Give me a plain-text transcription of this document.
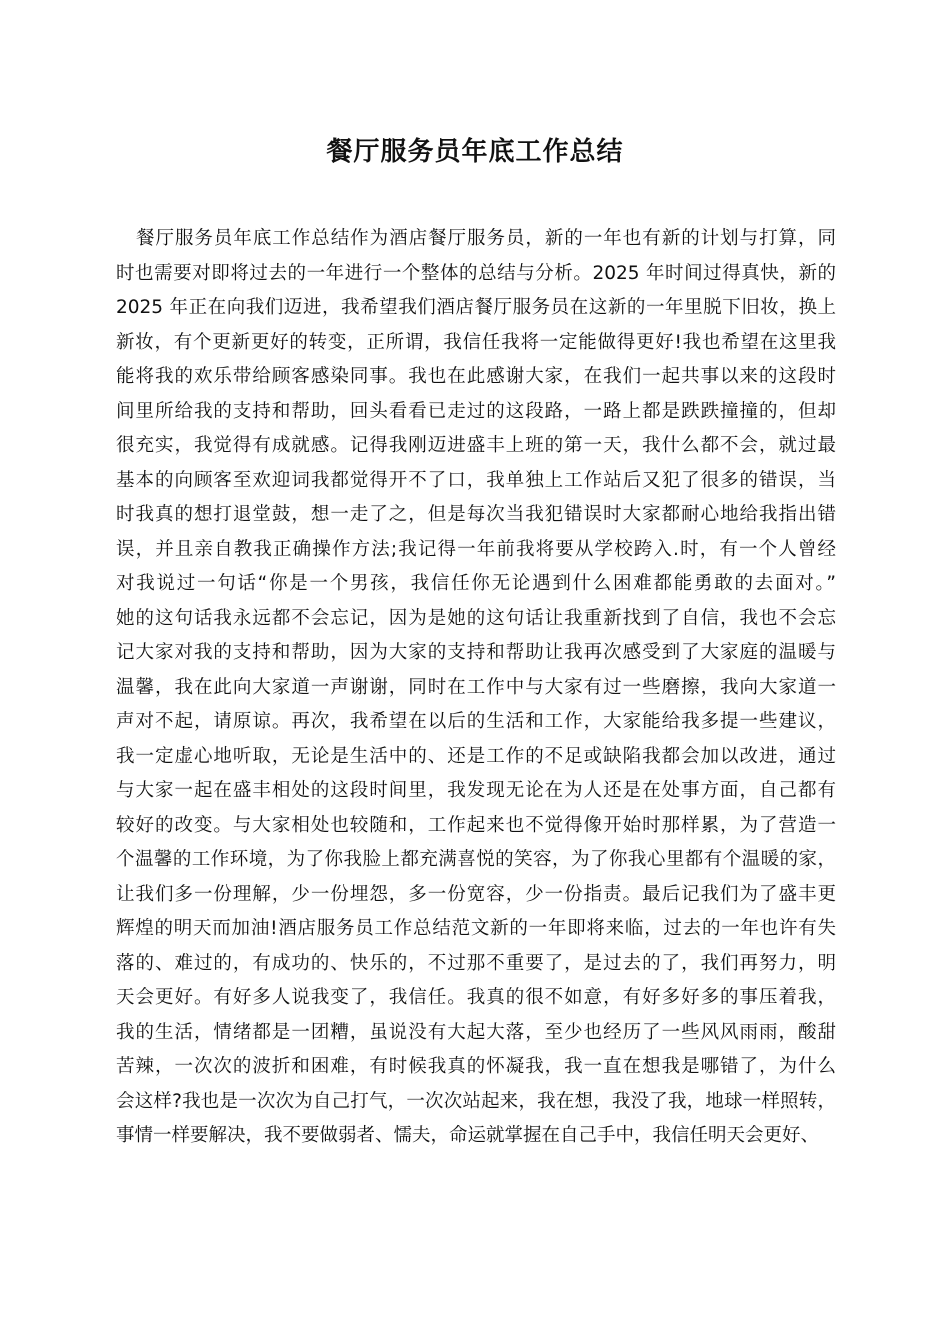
餐厅服务员年底工作总结
餐厅服务员年底工作总结作为酒店餐厅服务员，新的一年也有新的计划与打算，同
时也需要对即将过去的一年进行一个整体的总结与分析。2025 年时间过得真快，新的
2025 年正在向我们迈进，我希望我们酒店餐厅服务员在这新的一年里脱下旧妆，换上
新妆，有个更新更好的转变，正所谓，我信任我将一定能做得更好!我也希望在这里我
能将我的欢乐带给顾客感染同事。我也在此感谢大家，在我们一起共事以来的这段时
间里所给我的支持和帮助，回头看看已走过的这段路，一路上都是跌跌撞撞的，但却
很充实，我觉得有成就感。记得我刚迈进盛丰上班的第一天，我什么都不会，就过最
基本的向顾客至欢迎词我都觉得开不了口，我单独上工作站后又犯了很多的错误，当
时我真的想打退堂鼓，想一走了之，但是每次当我犯错误时大家都耐心地给我指出错
误，并且亲自教我正确操作方法;我记得一年前我将要从学校跨入.时，有一个人曾经
对我说过一句话“你是一个男孩，我信任你无论遇到什么困难都能勇敢的去面对。”
她的这句话我永远都不会忘记，因为是她的这句话让我重新找到了自信，我也不会忘
记大家对我的支持和帮助，因为大家的支持和帮助让我再次感受到了大家庭的温暖与
温馨，我在此向大家道一声谢谢，同时在工作中与大家有过一些磨擦，我向大家道一
声对不起，请原谅。再次，我希望在以后的生活和工作，大家能给我多提一些建议，
我一定虚心地听取，无论是生活中的、还是工作的不足或缺陷我都会加以改进，通过
与大家一起在盛丰相处的这段时间里，我发现无论在为人还是在处事方面，自己都有
较好的改变。与大家相处也较随和，工作起来也不觉得像开始时那样累，为了营造一
个温馨的工作环境，为了你我脸上都充满喜悦的笑容，为了你我心里都有个温暖的家，
让我们多一份理解，少一份埋怨，多一份宽容，少一份指责。最后记我们为了盛丰更
辉煌的明天而加油!酒店服务员工作总结范文新的一年即将来临，过去的一年也许有失
落的、难过的，有成功的、快乐的，不过那不重要了，是过去的了，我们再努力，明
天会更好。有好多人说我变了，我信任。我真的很不如意，有好多好多的事压着我，
我的生活，情绪都是一团糟，虽说没有大起大落，至少也经历了一些风风雨雨，酸甜
苦辣，一次次的波折和困难，有时候我真的怀凝我，我一直在想我是哪错了，为什么
会这样?我也是一次次为自己打气，一次次站起来，我在想，我没了我，地球一样照转，
事情一样要解决，我不要做弱者、懦夫，命运就掌握在自己手中，我信任明天会更好、
